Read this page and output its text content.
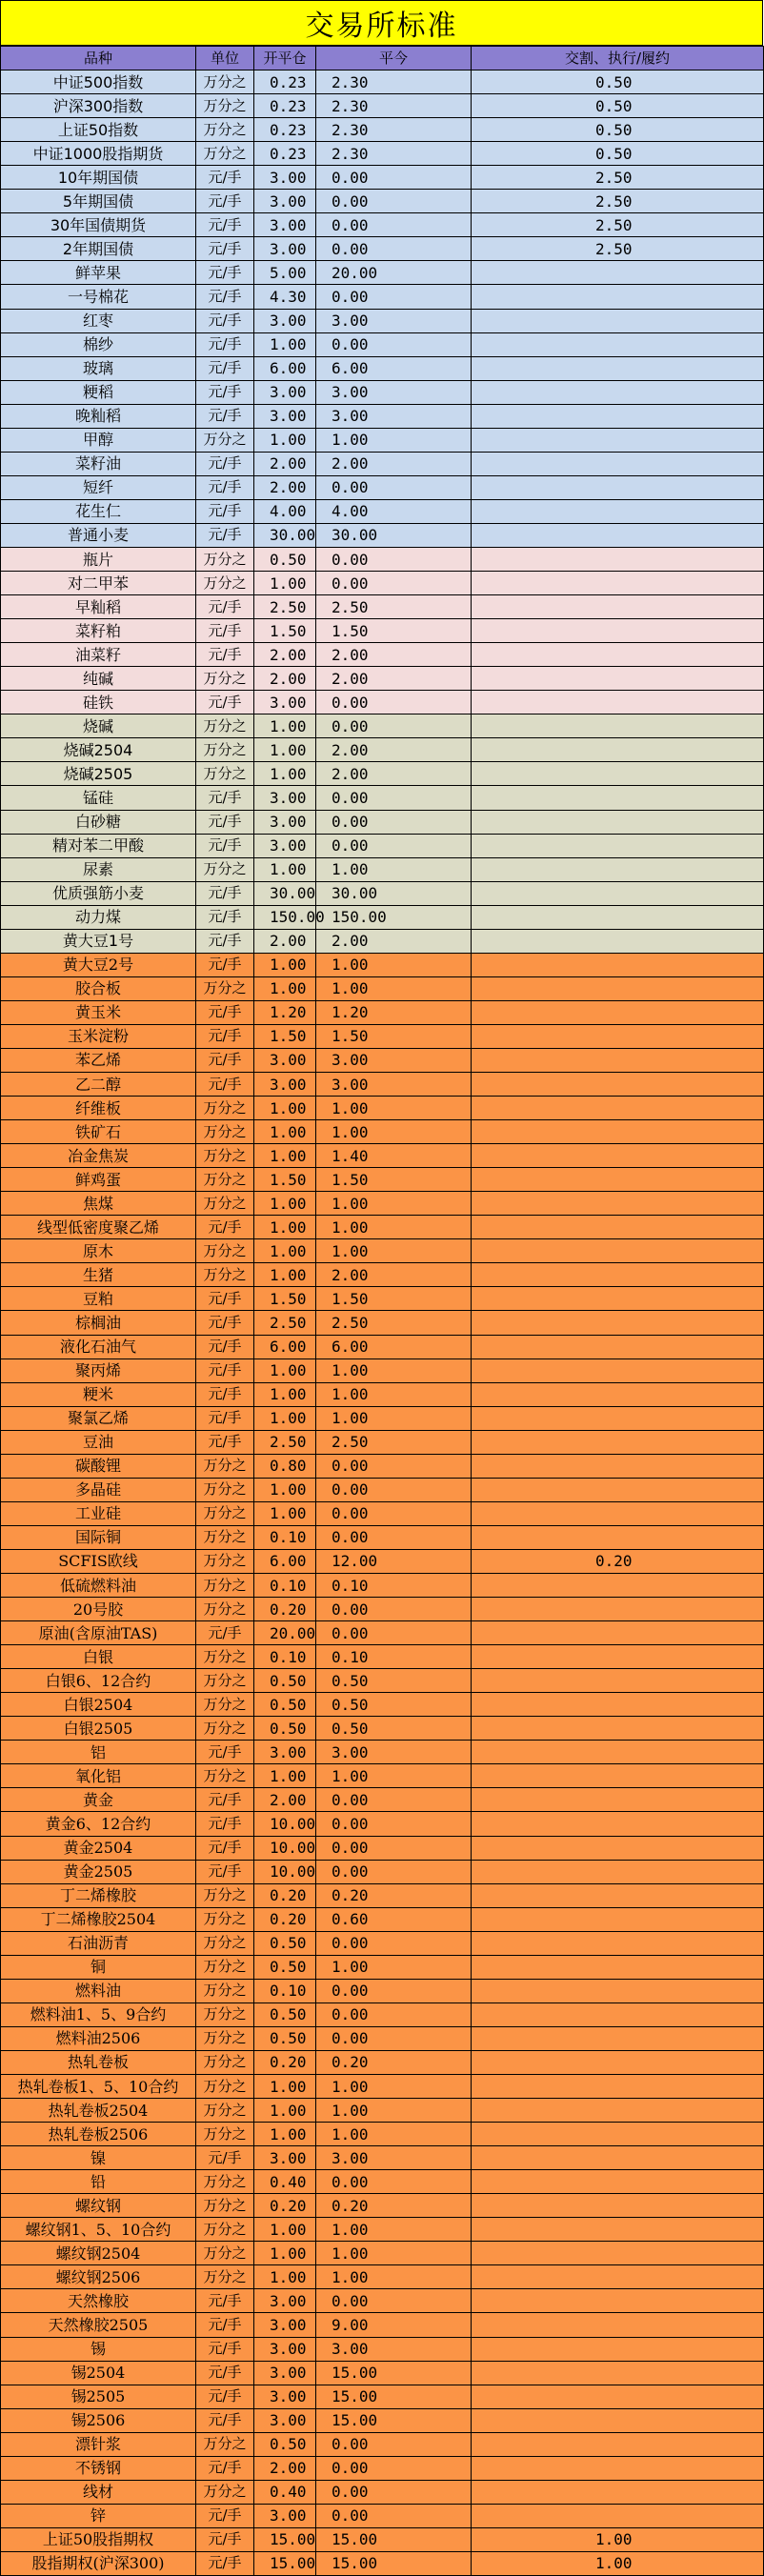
交易所标准
品种	单位	开平仓	平今	交割、执行/履约
中证500指数	万分之	0.23	2.30	0.50
沪深300指数	万分之	0.23	2.30	0.50
上证50指数	万分之	0.23	2.30	0.50
中证1000股指期货	万分之	0.23	2.30	0.50
10年期国债	元/手	3.00	0.00	2.50
5年期国债	元/手	3.00	0.00	2.50
30年国债期货	元/手	3.00	0.00	2.50
2年期国债	元/手	3.00	0.00	2.50
鲜苹果	元/手	5.00	20.00	
一号棉花	元/手	4.30	0.00	
红枣	元/手	3.00	3.00	
棉纱	元/手	1.00	0.00	
玻璃	元/手	6.00	6.00	
粳稻	元/手	3.00	3.00	
晚籼稻	元/手	3.00	3.00	
甲醇	万分之	1.00	1.00	
菜籽油	元/手	2.00	2.00	
短纤	元/手	2.00	0.00	
花生仁	元/手	4.00	4.00	
普通小麦	元/手	30.00	30.00	
瓶片	万分之	0.50	0.00	
对二甲苯	万分之	1.00	0.00	
早籼稻	元/手	2.50	2.50	
菜籽粕	元/手	1.50	1.50	
油菜籽	元/手	2.00	2.00	
纯碱	万分之	2.00	2.00	
硅铁	元/手	3.00	0.00	
烧碱	万分之	1.00	0.00	
烧碱2504	万分之	1.00	2.00	
烧碱2505	万分之	1.00	2.00	
锰硅	元/手	3.00	0.00	
白砂糖	元/手	3.00	0.00	
精对苯二甲酸	元/手	3.00	0.00	
尿素	万分之	1.00	1.00	
优质强筋小麦	元/手	30.00	30.00	
动力煤	元/手	150.00	150.00	
黄大豆1号	元/手	2.00	2.00	
黄大豆2号	元/手	1.00	1.00	
胶合板	万分之	1.00	1.00	
黄玉米	元/手	1.20	1.20	
玉米淀粉	元/手	1.50	1.50	
苯乙烯	元/手	3.00	3.00	
乙二醇	元/手	3.00	3.00	
纤维板	万分之	1.00	1.00	
铁矿石	万分之	1.00	1.00	
冶金焦炭	万分之	1.00	1.40	
鲜鸡蛋	万分之	1.50	1.50	
焦煤	万分之	1.00	1.00	
线型低密度聚乙烯	元/手	1.00	1.00	
原木	万分之	1.00	1.00	
生猪	万分之	1.00	2.00	
豆粕	元/手	1.50	1.50	
棕榈油	元/手	2.50	2.50	
液化石油气	元/手	6.00	6.00	
聚丙烯	元/手	1.00	1.00	
粳米	元/手	1.00	1.00	
聚氯乙烯	元/手	1.00	1.00	
豆油	元/手	2.50	2.50	
碳酸锂	万分之	0.80	0.00	
多晶硅	万分之	1.00	0.00	
工业硅	万分之	1.00	0.00	
国际铜	万分之	0.10	0.00	
SCFIS欧线	万分之	6.00	12.00	0.20
低硫燃料油	万分之	0.10	0.10	
20号胶	万分之	0.20	0.00	
原油(含原油TAS)	元/手	20.00	0.00	
白银	万分之	0.10	0.10	
白银6、12合约	万分之	0.50	0.50	
白银2504	万分之	0.50	0.50	
白银2505	万分之	0.50	0.50	
铝	元/手	3.00	3.00	
氧化铝	万分之	1.00	1.00	
黄金	元/手	2.00	0.00	
黄金6、12合约	元/手	10.00	0.00	
黄金2504	元/手	10.00	0.00	
黄金2505	元/手	10.00	0.00	
丁二烯橡胶	万分之	0.20	0.20	
丁二烯橡胶2504	万分之	0.20	0.60	
石油沥青	万分之	0.50	0.00	
铜	万分之	0.50	1.00	
燃料油	万分之	0.10	0.00	
燃料油1、5、9合约	万分之	0.50	0.00	
燃料油2506	万分之	0.50	0.00	
热轧卷板	万分之	0.20	0.20	
热轧卷板1、5、10合约	万分之	1.00	1.00	
热轧卷板2504	万分之	1.00	1.00	
热轧卷板2506	万分之	1.00	1.00	
镍	元/手	3.00	3.00	
铅	万分之	0.40	0.00	
螺纹钢	万分之	0.20	0.20	
螺纹钢1、5、10合约	万分之	1.00	1.00	
螺纹钢2504	万分之	1.00	1.00	
螺纹钢2506	万分之	1.00	1.00	
天然橡胶	元/手	3.00	0.00	
天然橡胶2505	元/手	3.00	9.00	
锡	元/手	3.00	3.00	
锡2504	元/手	3.00	15.00	
锡2505	元/手	3.00	15.00	
锡2506	元/手	3.00	15.00	
漂针浆	万分之	0.50	0.00	
不锈钢	元/手	2.00	0.00	
线材	万分之	0.40	0.00	
锌	元/手	3.00	0.00	
上证50股指期权	元/手	15.00	15.00	1.00
股指期权(沪深300)	元/手	15.00	15.00	1.00
